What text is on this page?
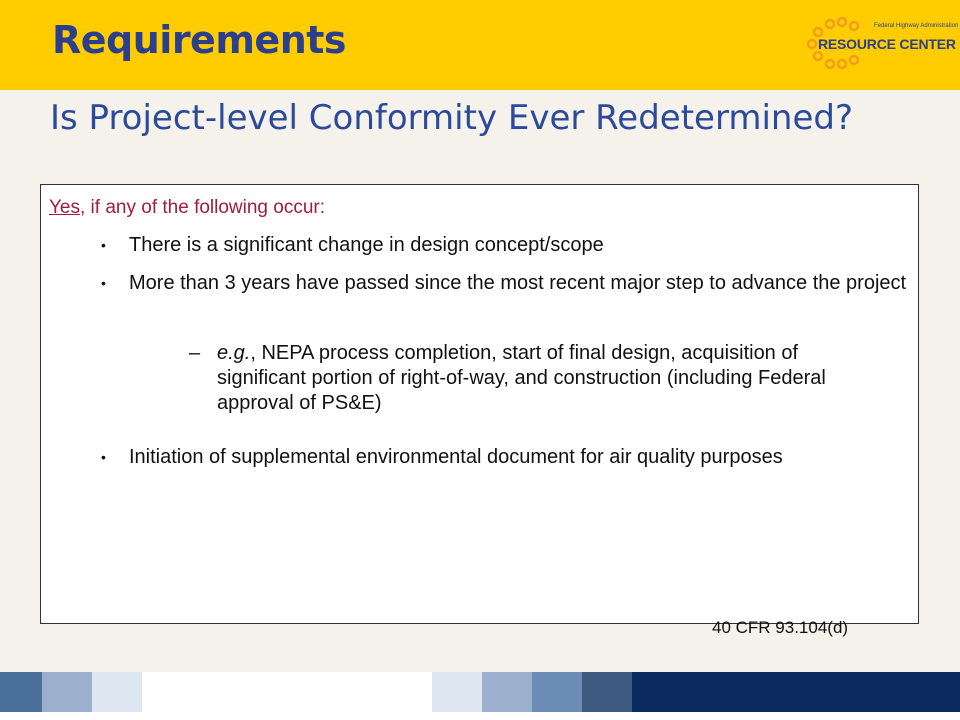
Requirements	Federal Highway Administration
RESOURCE CENTER
Is Project-level Conformity Ever Redetermined?
Yes, if any of the following occur:
• There is a significant change in design concept/scope
• More than 3 years have passed since the most recent major step to advance the project
– e.g., NEPA process completion, start of final design, acquisition of significant portion of right-of-way, and construction (including Federal approval of PS&E)
• Initiation of supplemental environmental document for air quality purposes
40 CFR 93.104(d)
